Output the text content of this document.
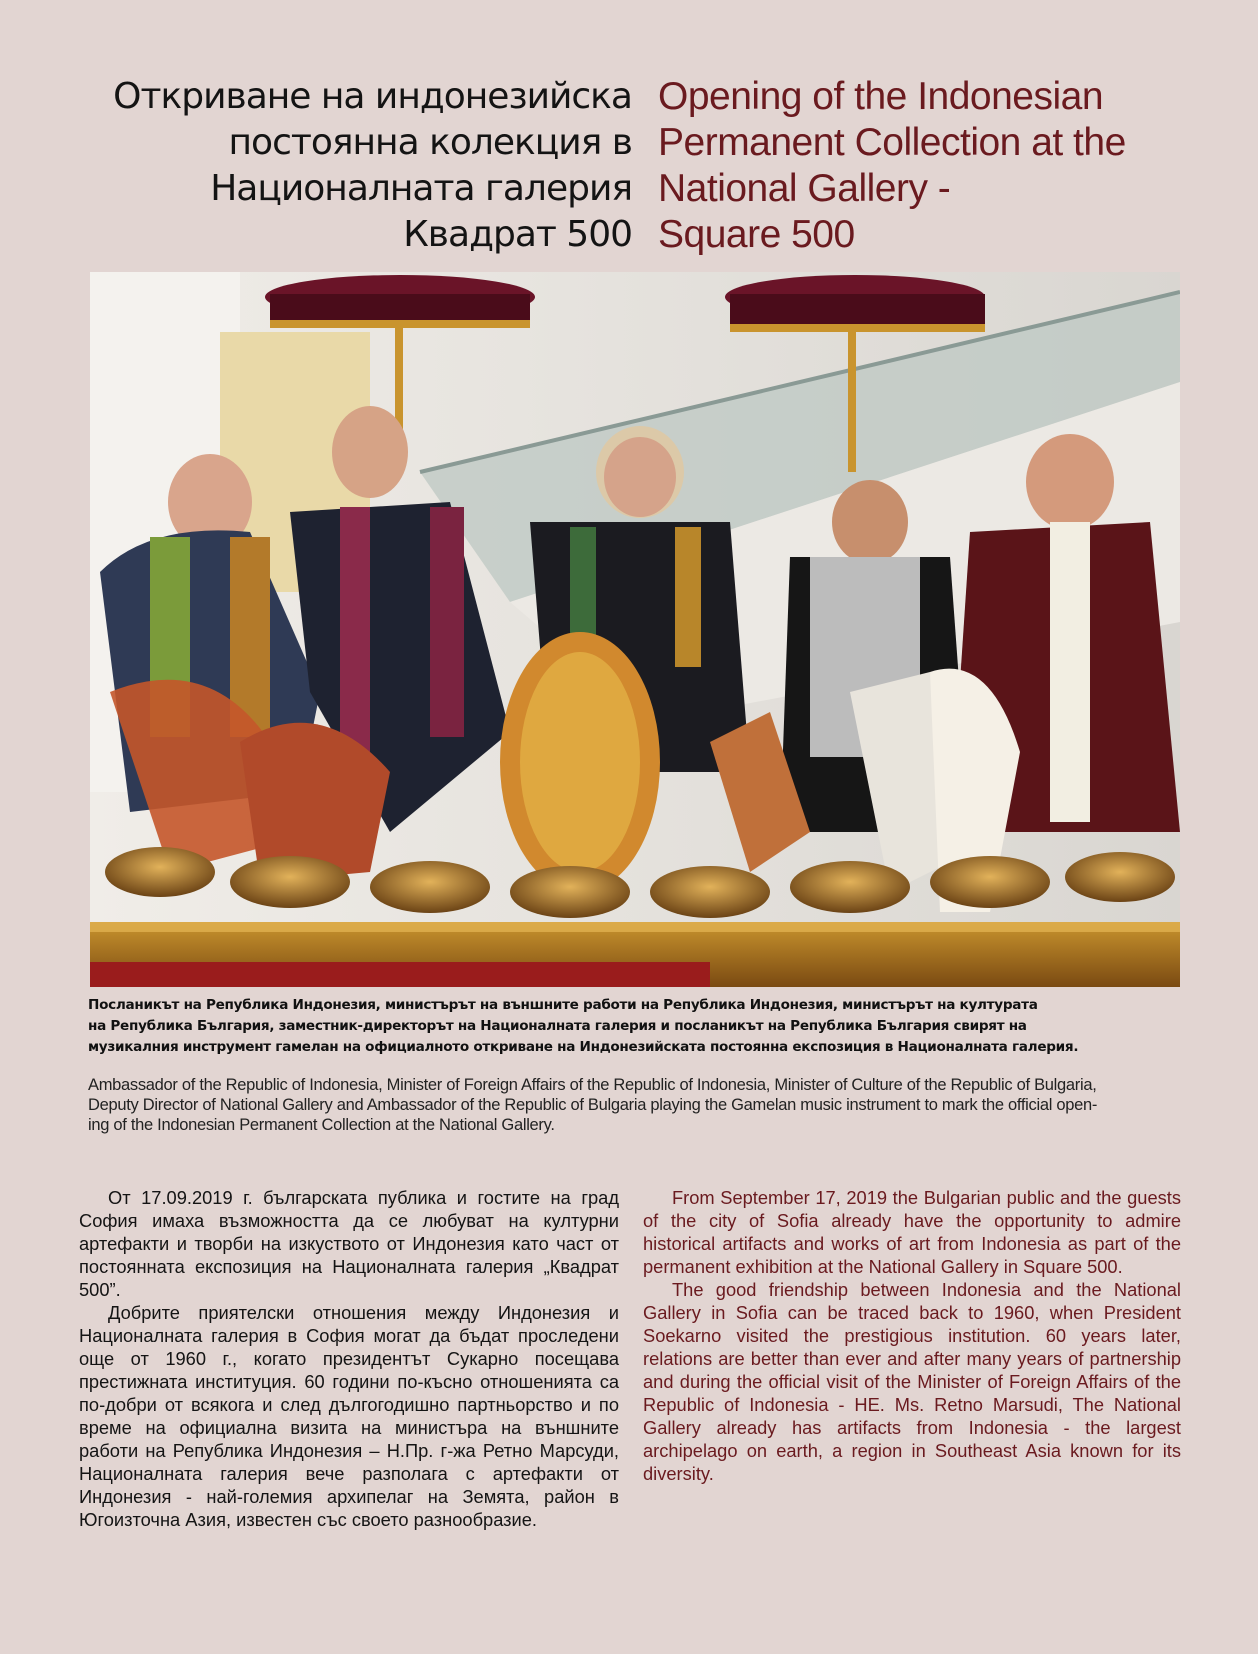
Откриване на индонезийска
постоянна колекция в
Националната галерия
Квадрат 500
Opening of the Indonesian
Permanent Collection at the
National Gallery -
Square 500
Посланикът на Република Индонезия, министърът на външните работи на Република Индонезия, министърът на културата
на Република България, заместник-директорът на Националната галерия и посланикът на Република България свирят на
музикалния инструмент гамелан на официалното откриване на Индонезийската постоянна експозиция в Националната галерия.
Ambassador of the Republic of Indonesia, Minister of Foreign Affairs of the Republic of Indonesia, Minister of Culture of the Republic of Bulgaria,
Deputy Director of National Gallery and Ambassador of the Republic of Bulgaria playing the Gamelan music instrument to mark the official open-
ing of the Indonesian Permanent Collection at the National Gallery.

От 17.09.2019 г. българската публика и гостите на град София имаха възможността да се любуват на културни артефакти и творби на изкуството от Индонезия като част от постоянната експозиция на Националната галерия „Квадрат 500”.

Добрите приятелски отношения между Индонезия и Националната галерия в София могат да бъдат проследени още от 1960 г., когато президентът Сукарно посещава престижната институция. 60 години по-късно отношенията са по-добри от всякога и след дългогодишно партньорство и по време на официална визита на министъра на външните работи на Република Индонезия – Н.Пр. г-жа Ретно Марсуди, Националната галерия вече разполага с артефакти от Индонезия - най-големия архипелаг на Земята, район в Югоизточна Азия, известен със своето разнообразие.

From September 17, 2019 the Bulgarian public and the guests of the city of Sofia already have the opportunity to admire historical artifacts and works of art from Indonesia as part of the permanent exhibition at the National Gallery in Square 500.

The good friendship between Indonesia and the National Gallery in Sofia can be traced back to 1960, when President Soekarno visited the prestigious institution. 60 years later, relations are better than ever and after many years of partnership and during the official visit of the Minister of Foreign Affairs of the Republic of Indonesia - HE. Ms. Retno Marsudi, The National Gallery already has artifacts from Indonesia - the largest archipelago on earth, a region in Southeast Asia known for its diversity.
